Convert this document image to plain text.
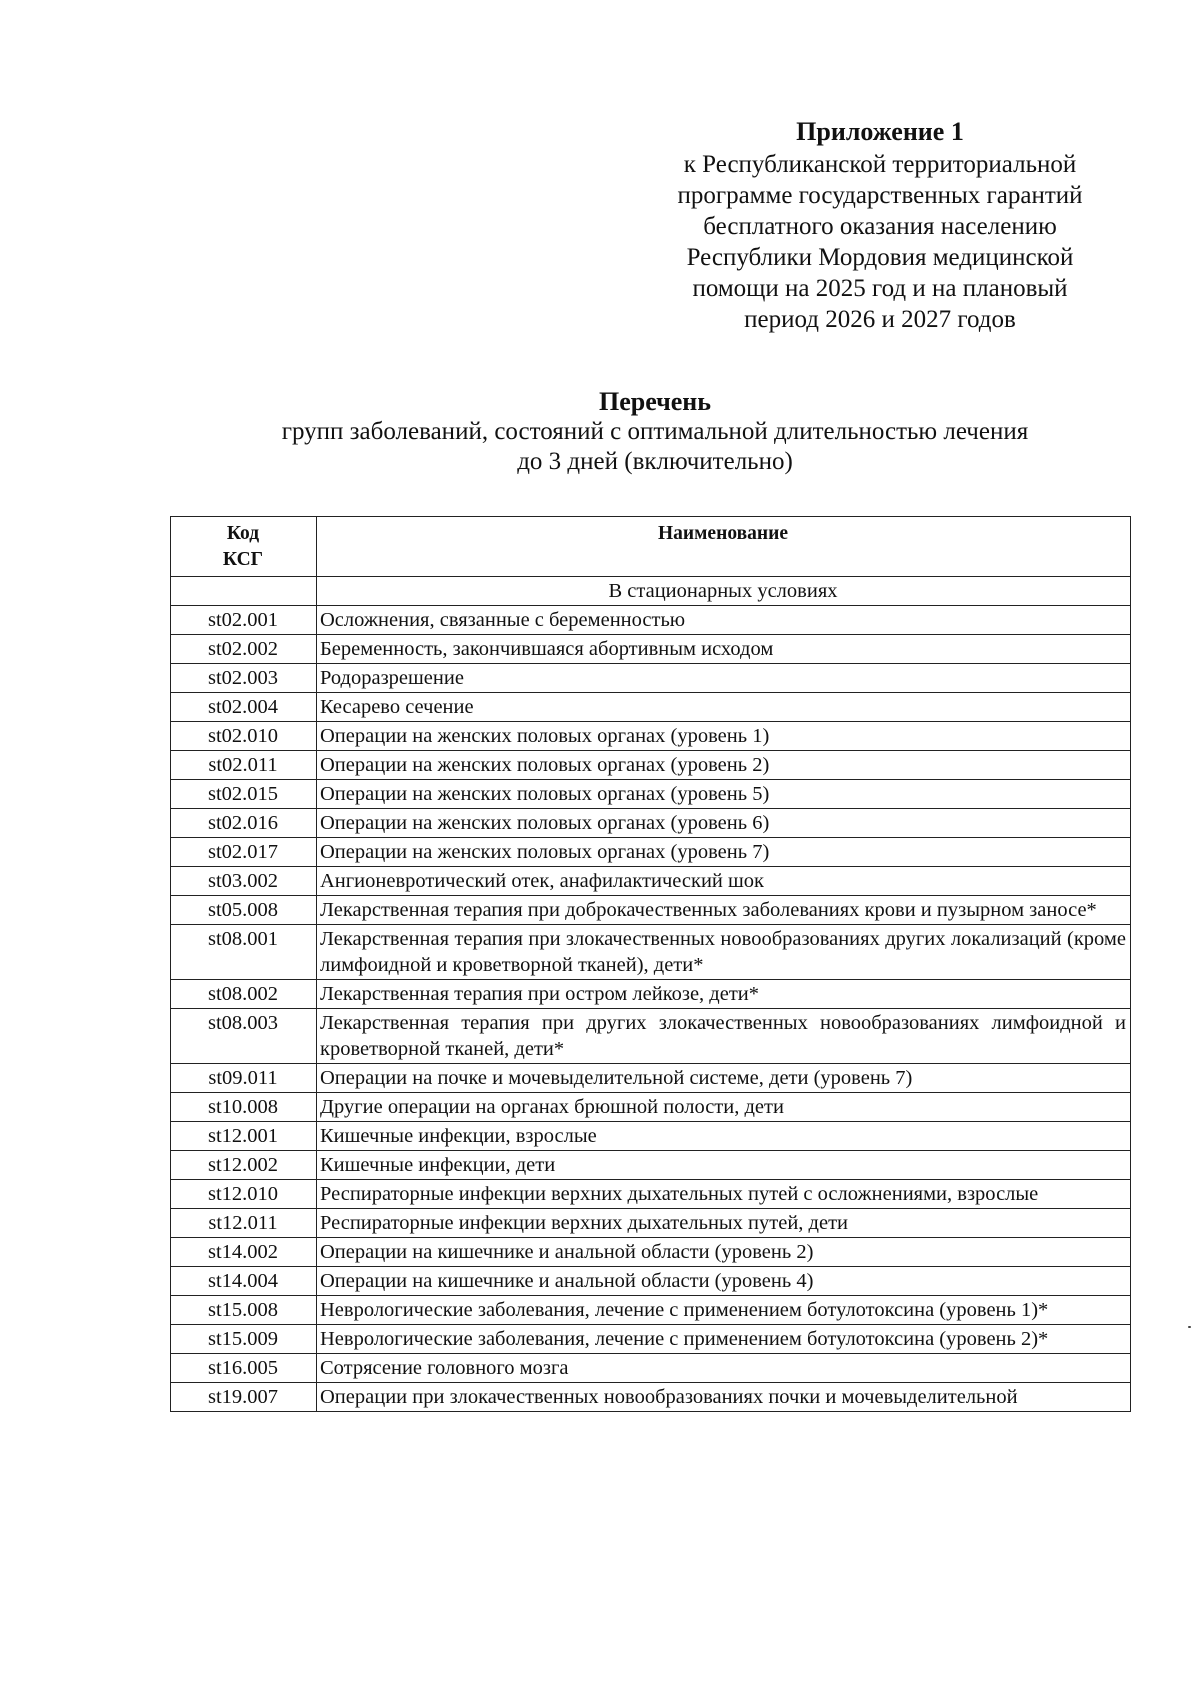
Приложение 1
к Республиканской территориальной
программе государственных гарантий
бесплатного оказания населению
Республики Мордовия медицинской
помощи на 2025 год и на плановый
период 2026 и 2027 годов
Перечень
групп заболеваний, состояний с оптимальной длительностью лечения
до 3 дней (включительно)
Код
КСГ	Наименование
	В стационарных условиях
st02.001	Осложнения, связанные с беременностью
st02.002	Беременность, закончившаяся абортивным исходом
st02.003	Родоразрешение
st02.004	Кесарево сечение
st02.010	Операции на женских половых органах (уровень 1)
st02.011	Операции на женских половых органах (уровень 2)
st02.015	Операции на женских половых органах (уровень 5)
st02.016	Операции на женских половых органах (уровень 6)
st02.017	Операции на женских половых органах (уровень 7)
st03.002	Ангионевротический отек, анафилактический шок
st05.008	Лекарственная терапия при доброкачественных заболеваниях крови и пузырном заносе*
st08.001	Лекарственная терапия при злокачественных новообразованиях других локализаций (кроме лимфоидной и кроветворной тканей), дети*
st08.002	Лекарственная терапия при остром лейкозе, дети*
st08.003	Лекарственная терапия при других злокачественных новообразованиях лимфоидной и кроветворной тканей, дети*
st09.011	Операции на почке и мочевыделительной системе, дети (уровень 7)
st10.008	Другие операции на органах брюшной полости, дети
st12.001	Кишечные инфекции, взрослые
st12.002	Кишечные инфекции, дети
st12.010	Респираторные инфекции верхних дыхательных путей с осложнениями, взрослые
st12.011	Респираторные инфекции верхних дыхательных путей, дети
st14.002	Операции на кишечнике и анальной области (уровень 2)
st14.004	Операции на кишечнике и анальной области (уровень 4)
st15.008	Неврологические заболевания, лечение с применением ботулотоксина (уровень 1)*
st15.009	Неврологические заболевания, лечение с применением ботулотоксина (уровень 2)*
st16.005	Сотрясение головного мозга
st19.007	Операции при злокачественных новообразованиях почки и мочевыделительной
